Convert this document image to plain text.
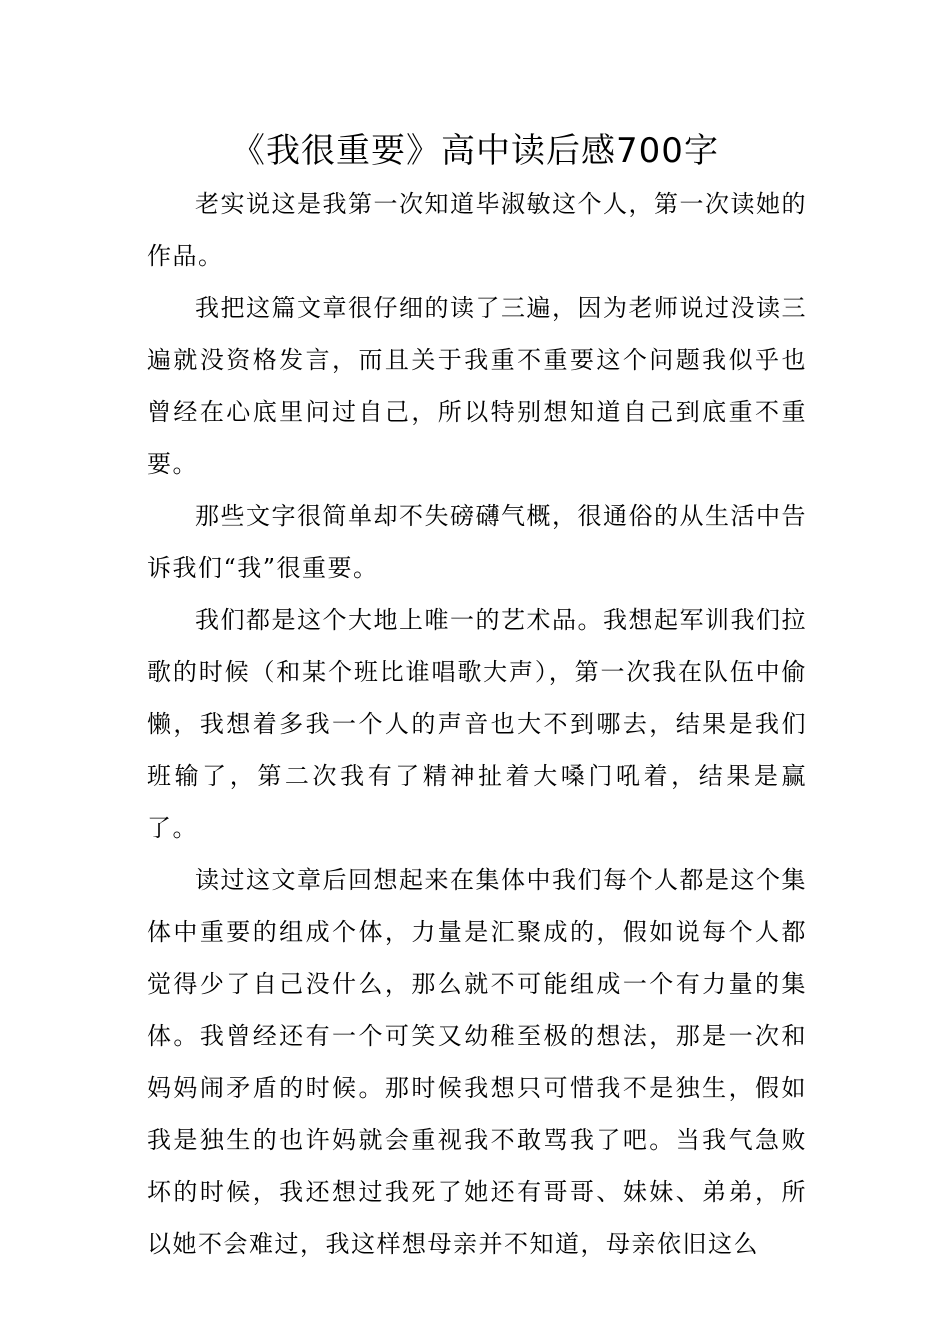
《我很重要》高中读后感700字

老实说这是我第一次知道毕淑敏这个人，第一次读她的作品。

我把这篇文章很仔细的读了三遍，因为老师说过没读三遍就没资格发言，而且关于我重不重要这个问题我似乎也曾经在心底里问过自己，所以特别想知道自己到底重不重要。

那些文字很简单却不失磅礴气概，很通俗的从生活中告诉我们“我”很重要。

我们都是这个大地上唯一的艺术品。我想起军训我们拉歌的时候（和某个班比谁唱歌大声），第一次我在队伍中偷懒，我想着多我一个人的声音也大不到哪去，结果是我们班输了，第二次我有了精神扯着大嗓门吼着，结果是赢了。

读过这文章后回想起来在集体中我们每个人都是这个集体中重要的组成个体，力量是汇聚成的，假如说每个人都觉得少了自己没什么，那么就不可能组成一个有力量的集体。我曾经还有一个可笑又幼稚至极的想法，那是一次和妈妈闹矛盾的时候。那时候我想只可惜我不是独生，假如我是独生的也许妈就会重视我不敢骂我了吧。当我气急败坏的时候，我还想过我死了她还有哥哥、妹妹、弟弟，所以她不会难过，我这样想母亲并不知道，母亲依旧这么
